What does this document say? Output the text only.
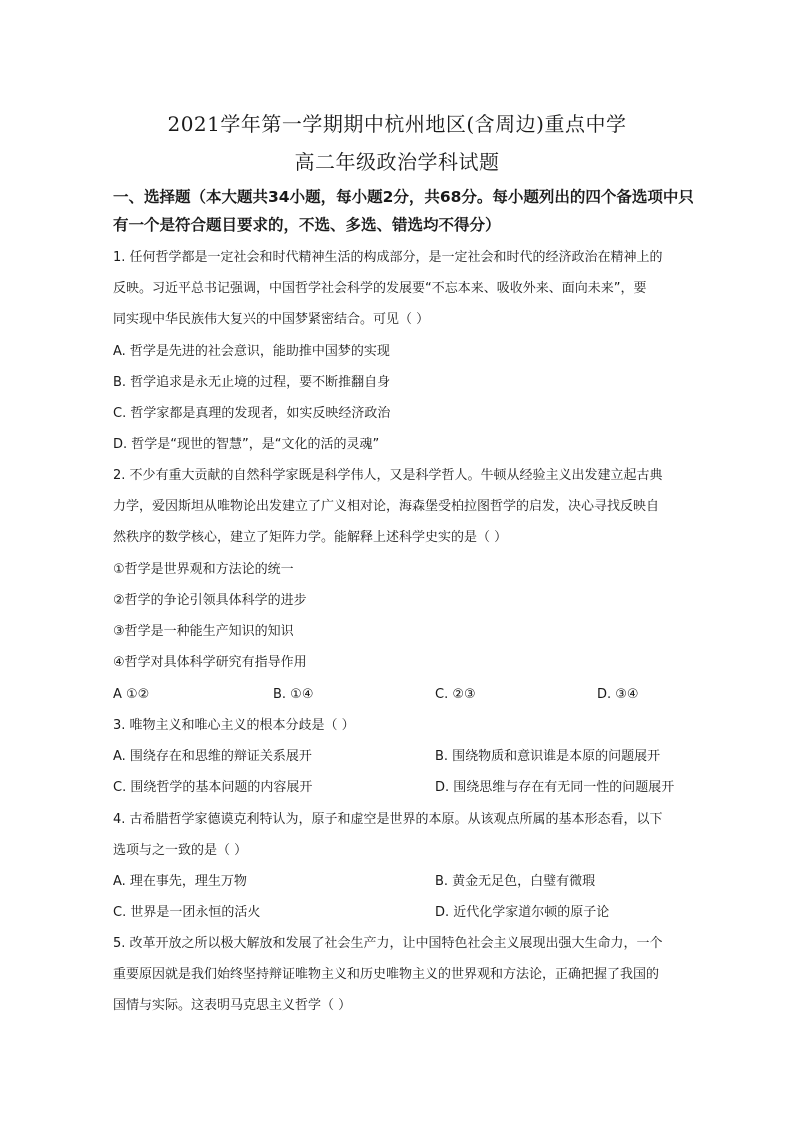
2021学年第一学期期中杭州地区(含周边)重点中学
高二年级政治学科试题
一、选择题（本大题共34小题，每小题2分，共68分。每小题列出的四个备选项中只有一个是符合题目要求的，不选、多选、错选均不得分）
1. 任何哲学都是一定社会和时代精神生活的构成部分，是一定社会和时代的经济政治在精神上的
反映。习近平总书记强调，中国哲学社会科学的发展要“不忘本来、吸收外来、面向未来”，要
同实现中华民族伟大复兴的中国梦紧密结合。可见（ ）
A. 哲学是先进的社会意识，能助推中国梦的实现
B. 哲学追求是永无止境的过程，要不断推翻自身
C. 哲学家都是真理的发现者，如实反映经济政治
D. 哲学是“现世的智慧”，是“文化的活的灵魂”
2. 不少有重大贡献的自然科学家既是科学伟人，又是科学哲人。牛顿从经验主义出发建立起古典
力学，爱因斯坦从唯物论出发建立了广义相对论，海森堡受柏拉图哲学的启发，决心寻找反映自
然秩序的数学核心，建立了矩阵力学。能解释上述科学史实的是（ ）
①哲学是世界观和方法论的统一
②哲学的争论引领具体科学的进步
③哲学是一种能生产知识的知识
④哲学对具体科学研究有指导作用
A ①②	B. ①④	C. ②③	D. ③④
3. 唯物主义和唯心主义的根本分歧是（ ）
A. 围绕存在和思维的辩证关系展开	B. 围绕物质和意识谁是本原的问题展开
C. 围绕哲学的基本问题的内容展开	D. 围绕思维与存在有无同一性的问题展开
4. 古希腊哲学家德谟克利特认为，原子和虚空是世界的本原。从该观点所属的基本形态看，以下
选项与之一致的是（ ）
A. 理在事先，理生万物	B. 黄金无足色，白璧有微瑕
C. 世界是一团永恒的活火	D. 近代化学家道尔顿的原子论
5. 改革开放之所以极大解放和发展了社会生产力，让中国特色社会主义展现出强大生命力，一个
重要原因就是我们始终坚持辩证唯物主义和历史唯物主义的世界观和方法论，正确把握了我国的
国情与实际。这表明马克思主义哲学（ ）
